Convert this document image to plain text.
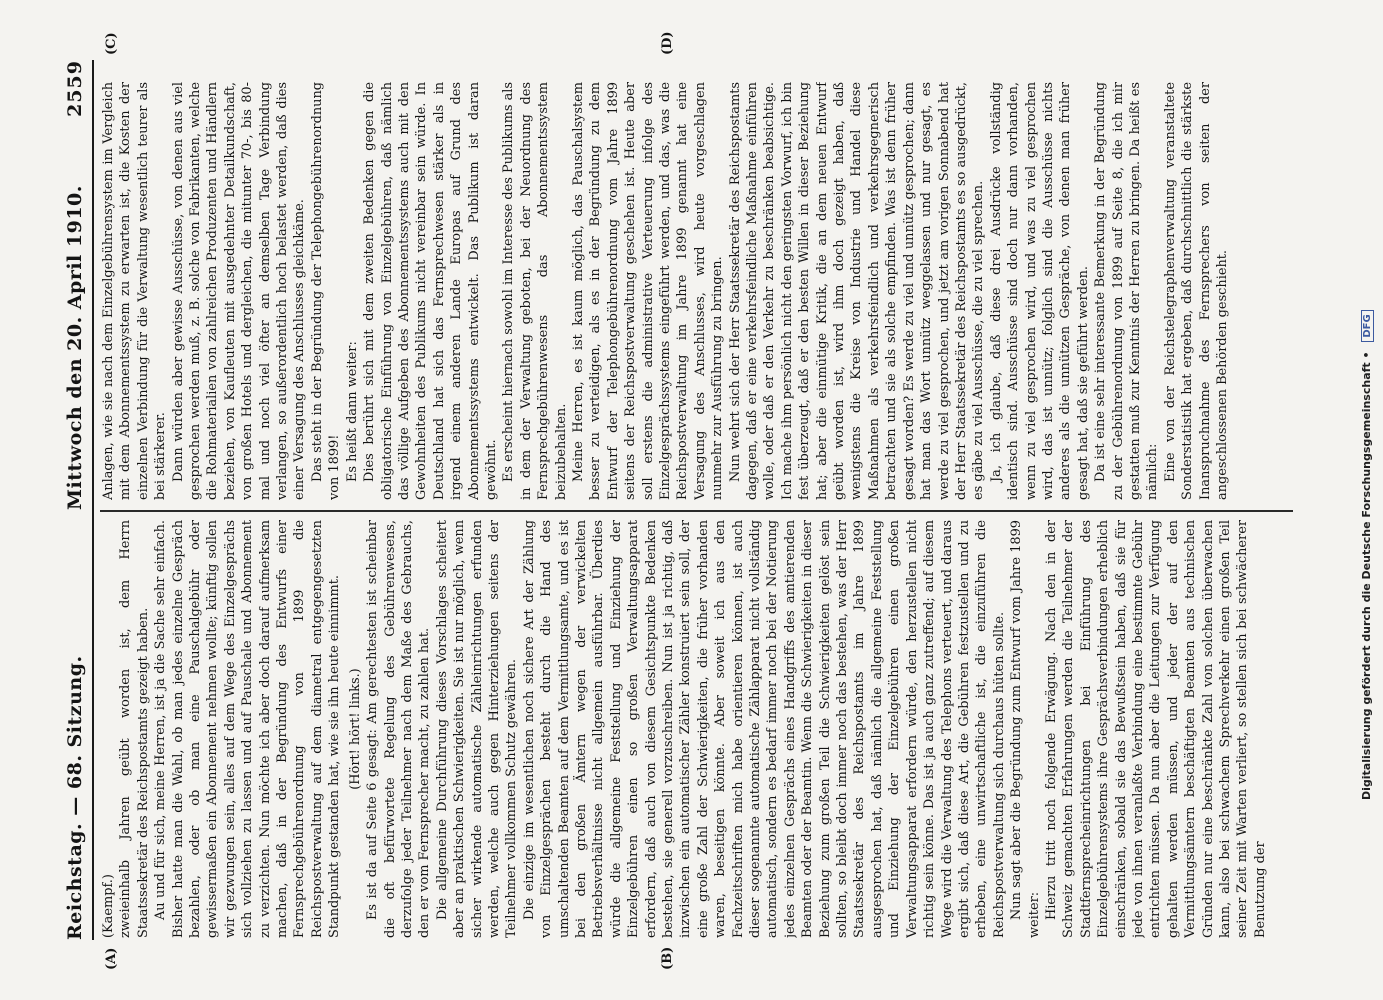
Reichstag. — 68. Sitzung.
Mittwoch den 20. April 1910.
2559
(A)	(B)
(C)	(D)

(Kaempf.) zweieinhalb Jahren geübt worden ist, dem Herrn Staatssekretär des Reichspostamts gezeigt haben. Au und für sich, meine Herren, ist ja die Sache sehr einfach. Bisher hatte man die Wahl, ob man jedes einzelne Gespräch bezahlen, oder ob man eine Pauschalgebühr oder gewissermaßen ein Abonnement nehmen wollte; künftig sollen wir gezwungen sein, alles auf dem Wege des Einzelgesprächs sich vollziehen zu lassen und auf Pauschale und Abonnement zu verzichten. Nun möchte ich aber doch darauf aufmerksam machen, daß in der Begründung des Entwurfs einer Fernsprechgebührenordnung von 1899 die Reichspostverwaltung auf dem diametral entgegengesetzten Standpunkt gestanden hat, wie sie ihn heute einnimmt. (Hört! hört! links.) Es ist da auf Seite 6 gesagt: Am gerechtesten ist scheinbar die oft befürwortete Regelung des Gebührenwesens, derzufolge jeder Teilnehmer nach dem Maße des Gebrauchs, den er vom Fernsprecher macht, zu zahlen hat. Die allgemeine Durchführung dieses Vorschlages scheitert aber an praktischen Schwierigkeiten. Sie ist nur möglich, wenn sicher wirkende automatische Zähleinrichtungen erfunden werden, welche auch gegen Hinterziehungen seitens der Teilnehmer vollkommen Schutz gewähren. Die einzige im wesentlichen noch sichere Art der Zählung von Einzelgesprächen besteht durch die Hand des umschaltenden Beamten auf dem Vermittlungsamte, und es ist bei den großen Ämtern wegen der verwickelten Betriebsverhältnisse nicht allgemein ausführbar. Überdies würde die allgemeine Feststellung und Einziehung der Einzelgebühren einen so großen Verwaltungsapparat erfordern, daß auch von diesem Gesichtspunkte Bedenken bestehen, sie generell vorzuschreiben. Nun ist ja richtig, daß inzwischen ein automatischer Zähler konstruiert sein soll, der eine große Zahl der Schwierigkeiten, die früher vorhanden waren, beseitigen könnte. Aber soweit ich aus den Fachzeitschriften mich habe orientieren können, ist auch dieser sogenannte automatische Zählapparat nicht vollständig automatisch, sondern es bedarf immer noch bei der Notierung jedes einzelnen Gesprächs eines Handgriffs des amtierenden Beamten oder der Beamtin. Wenn die Schwierigkeiten in dieser Beziehung zum großen Teil die Schwierigkeiten gelöst sein sollten, so bleibt doch immer noch das bestehen, was der Herr Staatssekretär des Reichspostamts im Jahre 1899 ausgesprochen hat, daß nämlich die allgemeine Feststellung und Einziehung der Einzelgebühren einen großen Verwaltungsapparat erfordern würde, den herzustellen nicht richtig sein könne. Das ist ja auch ganz zutreffend; auf diesem Wege wird die Verwaltung des Telephons verteuert, und daraus ergibt sich, daß diese Art, die Gebühren festzustellen und zu erheben, eine unwirtschaftliche ist, die einzuführen die Reichspostverwaltung sich durchaus hüten sollte. Nun sagt aber die Begründung zum Entwurf vom Jahre 1899 weiter: Hierzu tritt noch folgende Erwägung. Nach den in der Schweiz gemachten Erfahrungen werden die Teilnehmer der Stadtfernsprecheinrichtungen bei Einführung des Einzelgebührensystems ihre Gesprächsverbindungen erheblich einschränken, sobald sie das Bewußtsein haben, daß sie für jede von ihnen veranlaßte Verbindung eine bestimmte Gebühr entrichten müssen. Da nun aber die Leitungen zur Verfügung gehalten werden müssen, und jeder der auf den Vermittlungsämtern beschäftigten Beamten aus technischen Gründen nur eine beschränkte Zahl von solchen überwachen kann, also bei schwachem Sprechverkehr einen großen Teil seiner Zeit mit Warten verliert, so stellen sich bei schwächerer Benutzung der

Anlagen, wie sie nach dem Einzelgebührensystem im Vergleich mit dem Abonnementssystem zu erwarten ist, die Kosten der einzelnen Verbindung für die Verwaltung wesentlich teurer als bei stärkerer. Dann würden aber gewisse Ausschüsse, von denen aus viel gesprochen werden muß, z. B. solche von Fabrikanten, welche die Rohmaterialien von zahlreichen Produzenten und Händlern beziehen, von Kaufleuten mit ausgedehnter Detailkundschaft, von großen Hotels und dergleichen, die mitunter 70-, bis 80-mal und noch viel öfter an demselben Tage Verbindung verlangen, so außerordentlich hoch belastet werden, daß dies einer Versagung des Anschlusses gleichkäme. Das steht in der Begründung der Telephongebührenordnung von 1899! Es heißt dann weiter: Dies berührt sich mit dem zweiten Bedenken gegen die obligatorische Einführung von Einzelgebühren, daß nämlich das völlige Aufgeben des Abonnementssystems auch mit den Gewohnheiten des Publikums nicht vereinbar sein würde. In Deutschland hat sich das Fernsprechwesen stärker als in irgend einem anderen Lande Europas auf Grund des Abonnementssystems entwickelt. Das Publikum ist daran gewöhnt. Es erscheint hiernach sowohl im Interesse des Publikums als in dem der Verwaltung geboten, bei der Neuordnung des Fernsprechgebührenwesens das Abonnementssystem beizubehalten. Meine Herren, es ist kaum möglich, das Pauschalsystem besser zu verteidigen, als es in der Begründung zu dem Entwurf der Telephongebührenordnung vom Jahre 1899 seitens der Reichspostverwaltung geschehen ist. Heute aber soll erstens die administrative Verteuerung infolge des Einzelgesprächssystems eingeführt werden, und das, was die Reichspostverwaltung im Jahre 1899 genannt hat eine Versagung des Anschlusses, wird heute vorgeschlagen nunmehr zur Ausführung zu bringen. Nun wehrt sich der Herr Staatssekretär des Reichspostamts dagegen, daß er eine verkehrsfeindliche Maßnahme einführen wolle, oder daß er den Verkehr zu beschränken beabsichtige. Ich mache ihm persönlich nicht den geringsten Vorwurf, ich bin fest überzeugt, daß er den besten Willen in dieser Beziehung hat; aber die einmütige Kritik, die an dem neuen Entwurf geübt worden ist, wird ihm doch gezeigt haben, daß wenigstens die Kreise von Industrie und Handel diese Maßnahmen als verkehrsfeindlich und verkehrsgegnerisch betrachten und sie als solche empfinden. Was ist denn früher gesagt worden? Es werde zu viel und unnütz gesprochen; dann hat man das Wort unnütz weggelassen und nur gesagt, es werde zu viel gesprochen, und jetzt am vorigen Sonnabend hat der Herr Staatssekretär des Reichspostamts es so ausgedrückt, es gäbe zu viel Ausschüsse, die zu viel sprechen. Ja, ich glaube, daß diese drei Ausdrücke vollständig identisch sind. Ausschüsse sind doch nur dann vorhanden, wenn zu viel gesprochen wird, und was zu viel gesprochen wird, das ist unnütz; folglich sind die Ausschüsse nichts anderes als die unnützen Gespräche, von denen man früher gesagt hat, daß sie geführt werden. Da ist eine sehr interessante Bemerkung in der Begründung zu der Gebührenordnung von 1899 auf Seite 8, die ich mir gestatten muß zur Kenntnis der Herren zu bringen. Da heißt es nämlich: Eine von der Reichstelegraphenverwaltung veranstaltete Sonderstatistik hat ergeben, daß durchschnittlich die stärkste Inanspruchnahme des Fernsprechers von seiten der angeschlossenen Behörden geschieht.	Digitalisierung gefördert durch die Deutsche Forschungsgemeinschaft • DFG
